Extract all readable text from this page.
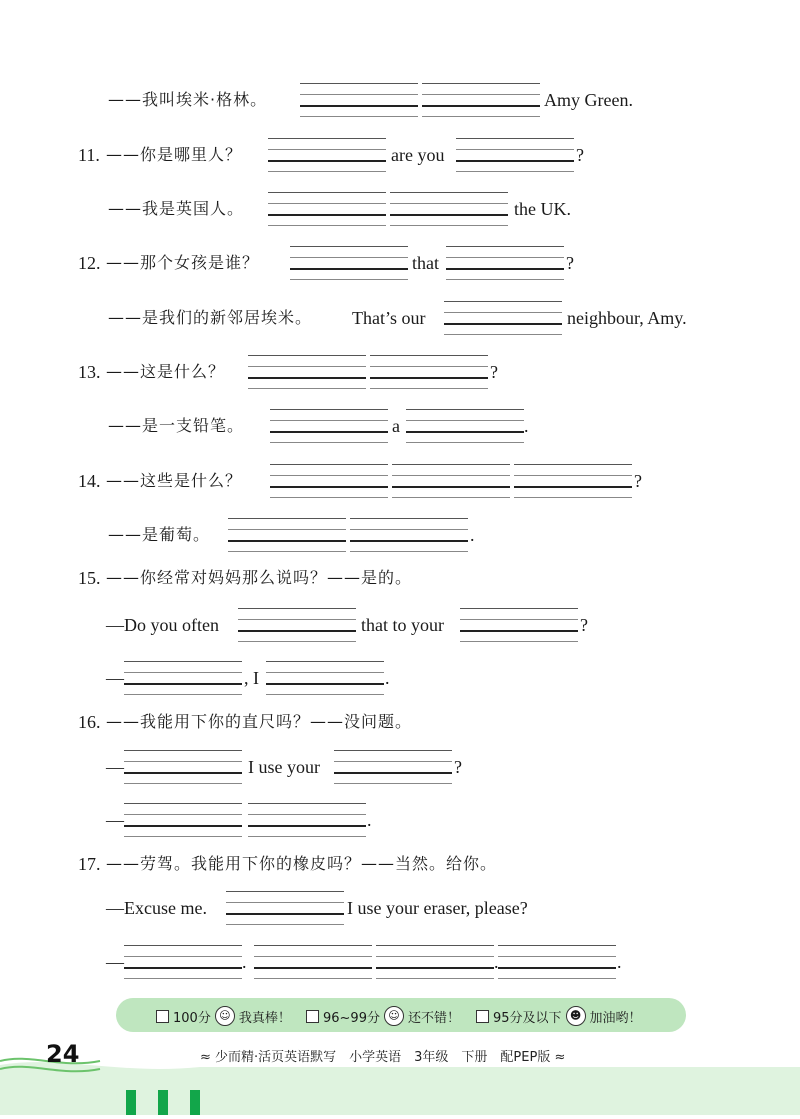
——我叫埃米·格林。	Amy Green.
11. ——你是哪里人？	are you	?
——我是英国人。	the UK.
12. ——那个女孩是谁？	that	?
——是我们的新邻居埃米。 That’s our	neighbour, Amy.
13. ——这是什么？	?
——是一支铅笔。	a	.
14. ——这些是什么？	?
——是葡萄。	.
15. ——你经常对妈妈那么说吗？——是的。
— Do you often	that to your	?
—	, I	.
16. ——我能用下你的直尺吗？——没问题。
—	I use your	?
—	.
17. ——劳驾。我能用下你的橡皮吗？——当然。给你。
— Excuse me.	I use your eraser, please?
—	.	.	.
100分 ☺ 我真棒！ 96~99分 ☺ 还不错！	95分及以下 ☻ 加油哟！
24	≈ 少而精·活页英语默写　小学英语　3年级　下册　配PEP版 ≈
